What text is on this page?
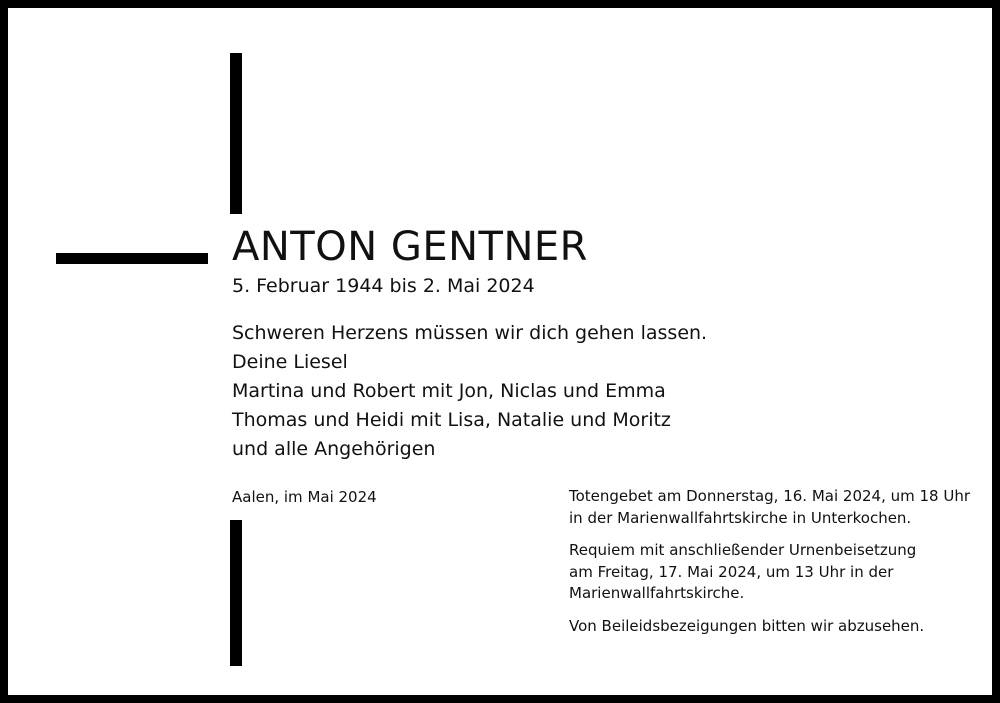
ANTON GENTNER
5. Februar 1944 bis 2. Mai 2024
Schweren Herzens müssen wir dich gehen lassen.
Deine Liesel
Martina und Robert mit Jon, Niclas und Emma
Thomas und Heidi mit Lisa, Natalie und Moritz
und alle Angehörigen
Aalen, im Mai 2024	Totengebet am Donnerstag, 16. Mai 2024, um 18 Uhr
in der Marienwallfahrtskirche in Unterkochen.

Requiem mit anschließender Urnenbeisetzung
am Freitag, 17. Mai 2024, um 13 Uhr in der
Marienwallfahrtskirche.

Von Beileidsbezeigungen bitten wir abzusehen.
